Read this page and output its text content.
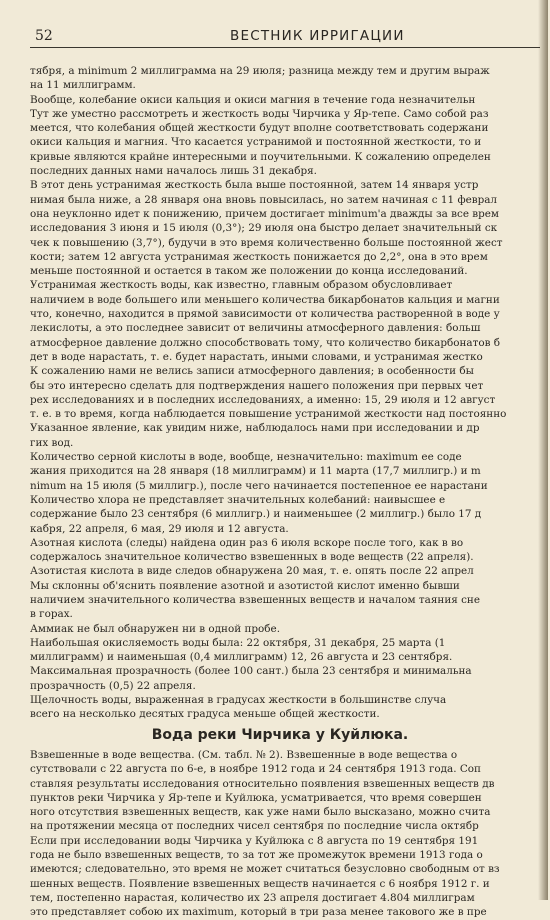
52	ВЕСТНИК ИРРИГАЦИИ

тября, а minimum 2 миллиграмма на 29 июля; разница между тем и другим выраж

на 11 миллиграмм.

Вообще, колебание окиси кальция и окиси магния в течение года незначительн

Тут же уместно рассмотреть и жесткость воды Чирчика у Яр-тепе. Само собой раз

меется, что колебания общей жесткости будут вполне соответствовать содержани

окиси кальция и магния. Что касается устранимой и постоянной жесткости, то и

кривые являются крайне интересными и поучительными. К сожалению определен

последних данных нами началось лишь 31 декабря.

В этот день устранимая жесткость была выше постоянной, затем 14 января устр

нимая была ниже, а 28 января она вновь повысилась, но затем начиная с 11 феврал

она неуклонно идет к понижению, причем достигает minimum'а дважды за все врем

исследования 3 июня и 15 июля (0,3°); 29 июля она быстро делает значительный ск

чек к повышению (3,7°), будучи в это время количественно больше постоянной жест

кости; затем 12 августа устранимая жесткость понижается до 2,2°, она в это врем

меньше постоянной и остается в таком же положении до конца исследований.

Устранимая жесткость воды, как известно, главным образом обусловливает

наличием в воде большего или меньшего количества бикарбонатов кальция и магни

что, конечно, находится в прямой зависимости от количества растворенной в воде у

лекислоты, а это последнее зависит от величины атмосферного давления: больш

атмосферное давление должно способствовать тому, что количество бикарбонатов б

дет в воде нарастать, т. е. будет нарастать, иными словами, и устранимая жестко

К сожалению нами не велись записи атмосферного давления; в особенности бы

бы это интересно сделать для подтверждения нашего положения при первых чет

рех исследованиях и в последних исследованиях, а именно: 15, 29 июля и 12 август

т. е. в то время, когда наблюдается повышение устранимой жесткости над постоянно

Указанное явление, как увидим ниже, наблюдалось нами при исследовании и др

гих вод.

Количество серной кислоты в воде, вообще, незначительно: maximum ее соде

жания приходится на 28 января (18 миллиграмм) и 11 марта (17,7 миллигр.) и m

nimum на 15 июля (5 миллигр.), после чего начинается постепенное ее нарастани

Количество хлора не представляет значительных колебаний: наивысшее е

содержание было 23 сентября (6 миллигр.) и наименьшее (2 миллигр.) было 17 д

кабря, 22 апреля, 6 мая, 29 июля и 12 августа.

Азотная кислота (следы) найдена один раз 6 июля вскоре после того, как в во

содержалось значительное количество взвешенных в воде веществ (22 апреля).

Азотистая кислота в виде следов обнаружена 20 мая, т. е. опять после 22 апрел

Мы склонны об'яснить появление азотной и азотистой кислот именно бывши

наличием значительного количества взвешенных веществ и началом таяния сне

в горах.

Аммиак не был обнаружен ни в одной пробе.

Наибольшая окисляемость воды была: 22 октября, 31 декабря, 25 марта (1

миллиграмм) и наименьшая (0,4 миллиграмм) 12, 26 августа и 23 сентября.

Максимальная прозрачность (более 100 сант.) была 23 сентября и минимальна

прозрачность (0,5) 22 апреля.

Щелочность воды, выраженная в градусах жесткости в большинстве случа

всего на несколько десятых градуса меньше общей жесткости.

Вода реки Чирчика у Куйлюка.

Взвешенные в воде вещества. (См. табл. № 2). Взвешенные в воде вещества о

сутствовали с 22 августа по 6-е, в ноябре 1912 года и 24 сентября 1913 года. Соп

ставляя результаты исследования относительно появления взвешенных веществ дв

пунктов реки Чирчика у Яр-тепе и Куйлюка, усматривается, что время совершен

ного отсутствия взвешенных веществ, как уже нами было высказано, можно счита

на протяжении месяца от последних чисел сентября по последние числа октябр

Если при исследовании воды Чирчика у Куйлюка с 8 августа по 19 сентября 191

года не было взвешенных веществ, то за тот же промежуток времени 1913 года о

имеются; следовательно, это время не может считаться безусловно свободным от вз

шенных веществ. Появление взвешенных веществ начинается с 6 ноября 1912 г. и

тем, постепенно нарастая, количество их 23 апреля достигает 4.804 миллиграм

это представляет собою их maximum, который в три раза менее такового же в пре
